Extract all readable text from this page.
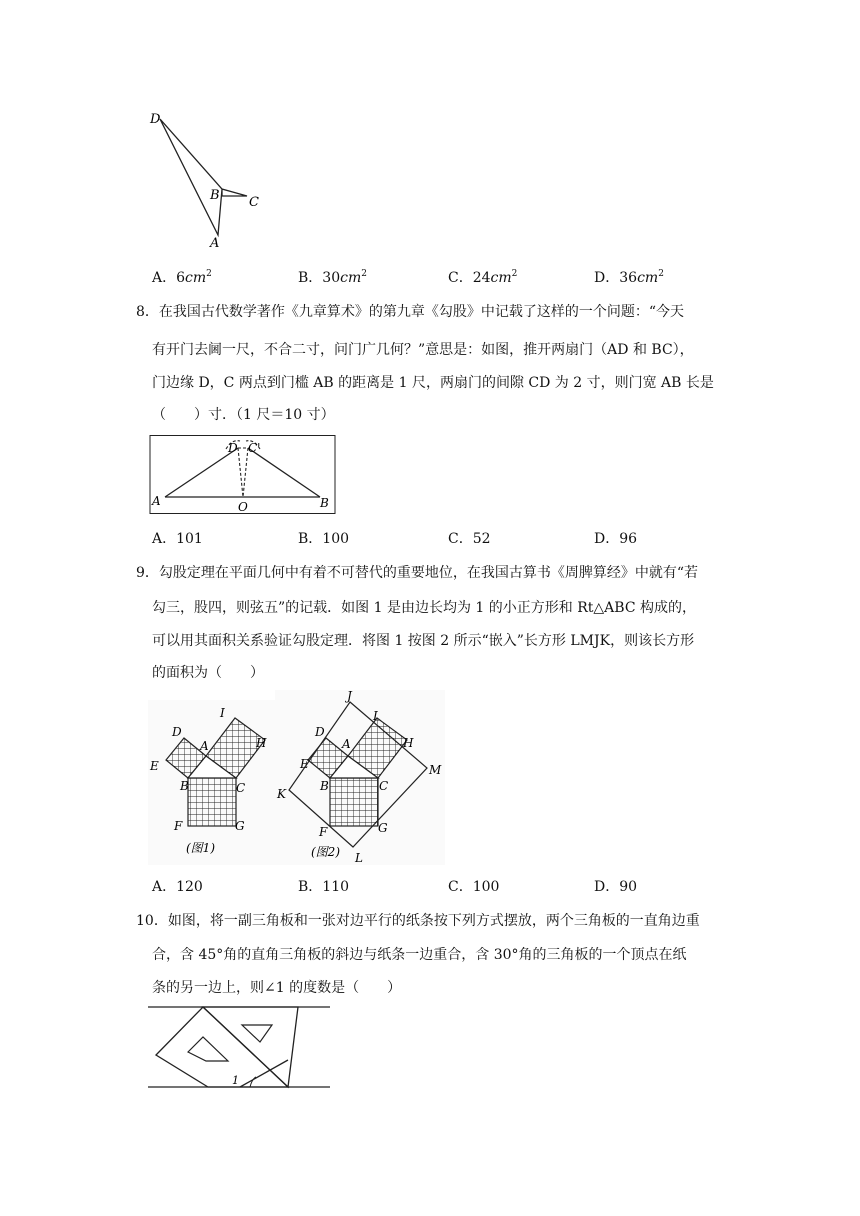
D
B C
A
A．$6cm^2$	B．$30cm^2$	C．$24cm^2$	D．$36cm^2$
8．在我国古代数学著作《九章算术》的第九章《勾股》中记载了这样的一个问题：“今天
有开门去阃一尺，不合二寸，问门广几何？”意思是：如图，推开两扇门（AD 和 BC），
门边缘 D，C 两点到门槛 AB 的距离是 1 尺，两扇门的间隙 CD 为 2 寸，则门宽 AB 长是
（　　）寸．（1 尺＝10 寸）
D C'
A	O	B
A．101	B．100	C．52	D．96
9．勾股定理在平面几何中有着不可替代的重要地位，在我国古算书《周脾算经》中就有“若
勾三，股四，则弦五”的记载．如图 1 是由边长均为 1 的小正方形和 Rt△ABC 构成的，
可以用其面积关系验证勾股定理．将图 1 按图 2 所示“嵌入”长方形 LMJK，则该长方形
的面积为（　　）
D
A
I
H
E
B	C
F	G
(图1)
J
D
A
I
H
E
B	C
M
K
F	G
L
(图2)
A．120	B．110	C．100	D．90
10．如图，将一副三角板和一张对边平行的纸条按下列方式摆放，两个三角板的一直角边重
合，含 45°角的直角三角板的斜边与纸条一边重合，含 30°角的三角板的一个顶点在纸
条的另一边上，则∠1 的度数是（　　）
1
